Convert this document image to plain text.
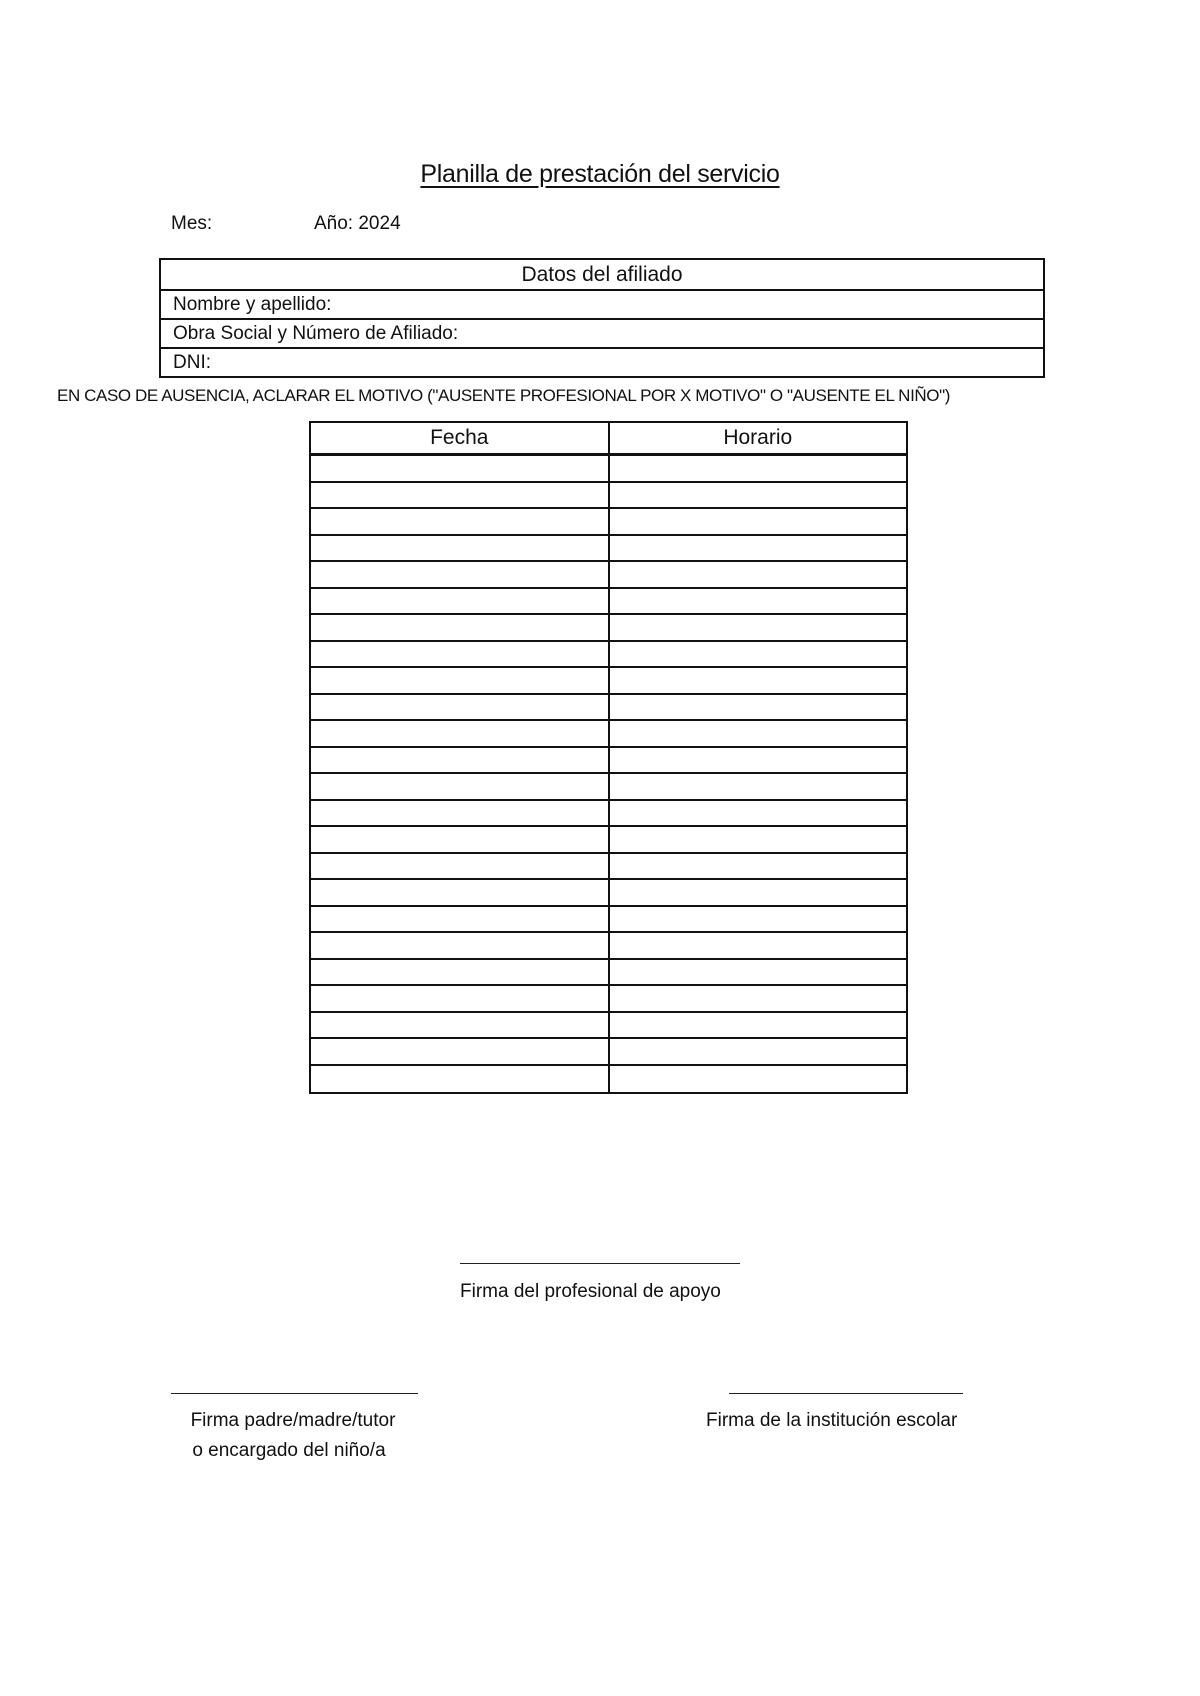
Planilla de prestación del servicio
Mes:	Año: 2024
Datos del afiliado
Nombre y apellido:
Obra Social y Número de Afiliado:
DNI:
EN CASO DE AUSENCIA, ACLARAR EL MOTIVO ("AUSENTE PROFESIONAL POR X MOTIVO" O "AUSENTE EL NIÑO")
Fecha	Horario
Firma del profesional de apoyo
Firma padre/madre/tutor
o encargado del niño/a
Firma de la institución escolar
